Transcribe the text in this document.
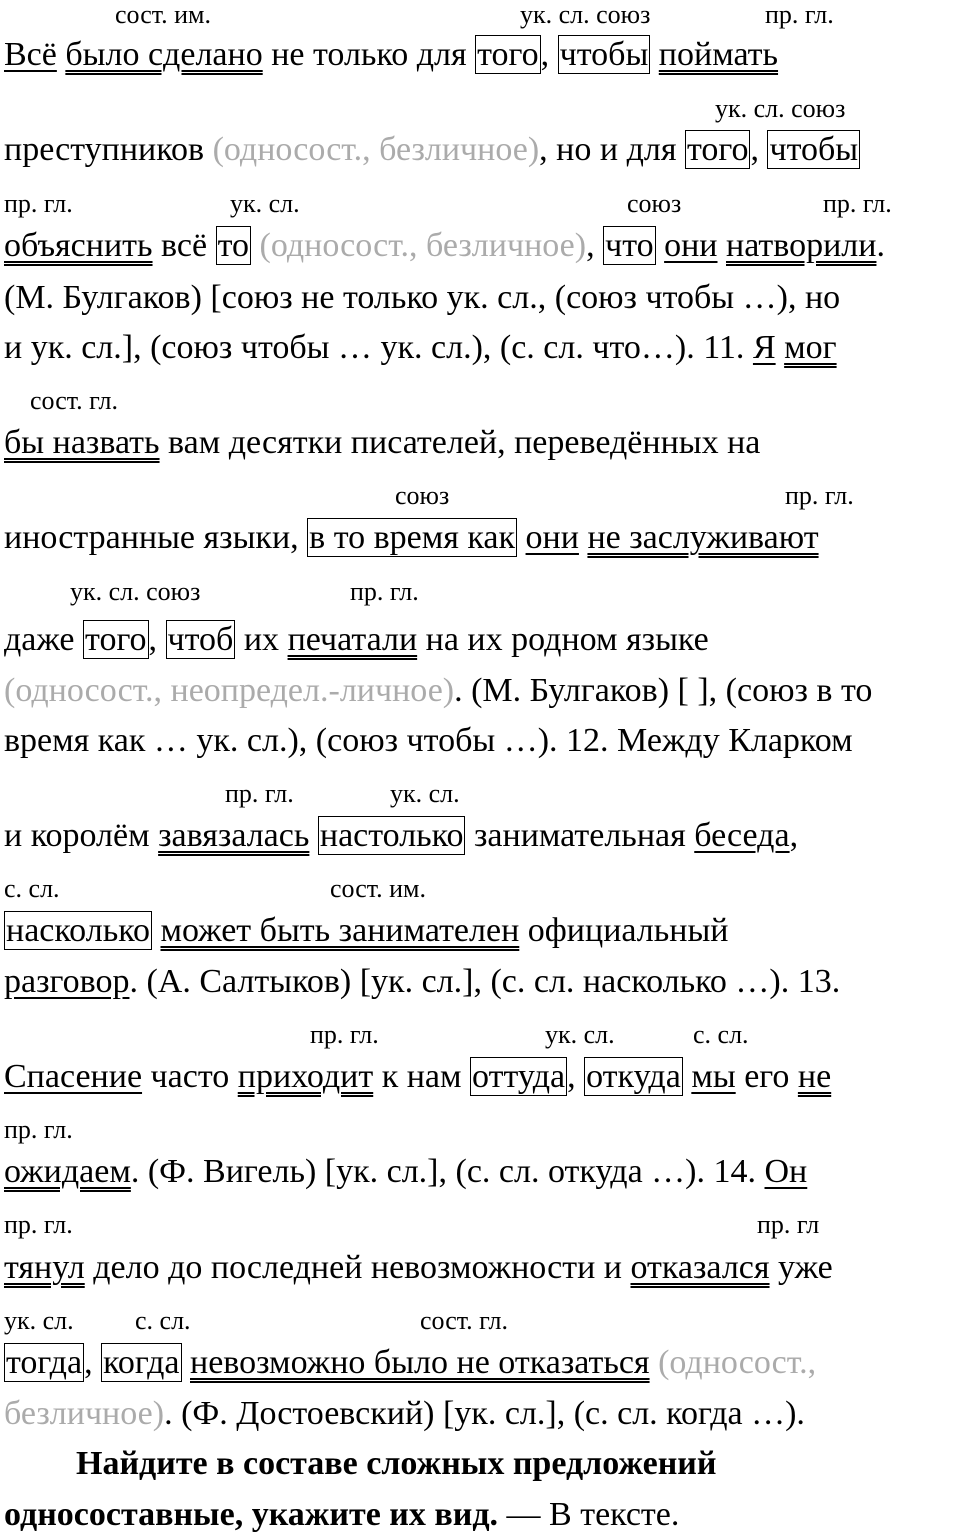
сост. им.	ук. сл. союз	пр. гл.
ук. сл. союз
пр. гл.	ук. сл.	союз	пр. гл.
сост. гл.
союз	пр. гл.
ук. сл. союз	пр. гл.
пр. гл.	ук. сл.
с. сл.	сост. им.
пр. гл.	ук. сл.	с. сл.
пр. гл.
пр. гл.	пр. гл
ук. сл. с. сл.	сост. гл.
Всё было сделано не только для того, чтобы поймать
преступников (односост., безличное), но и для того, чтобы
объяснить всё то (односост., безличное), что они натворили.
(М. Булгаков) [союз не только ук. сл., (союз чтобы …), но
и ук. сл.], (союз чтобы … ук. сл.), (с. сл. что…). 11. Я мог
бы назвать вам десятки писателей, переведённых на
иностранные языки, в то время как они не заслуживают
даже того, чтоб их печатали на их родном языке
(односост., неопредел.-личное). (М. Булгаков) [ ], (союз в то
время как … ук. сл.), (союз чтобы …). 12. Между Кларком
и королём завязалась настолько занимательная беседа,
насколько может быть занимателен официальный
разговор. (А. Салтыков) [ук. сл.], (с. сл. насколько …). 13.
Спасение часто приходит к нам оттуда, откуда мы его не
ожидаем. (Ф. Вигель) [ук. сл.], (с. сл. откуда …). 14. Он
тянул дело до последней невозможности и отказался уже
тогда, когда невозможно было не отказаться (односост.,
безличное). (Ф. Достоевский) [ук. сл.], (с. сл. когда …).
Найдите в составе сложных предложений
односоставные, укажите их вид. — В тексте.
